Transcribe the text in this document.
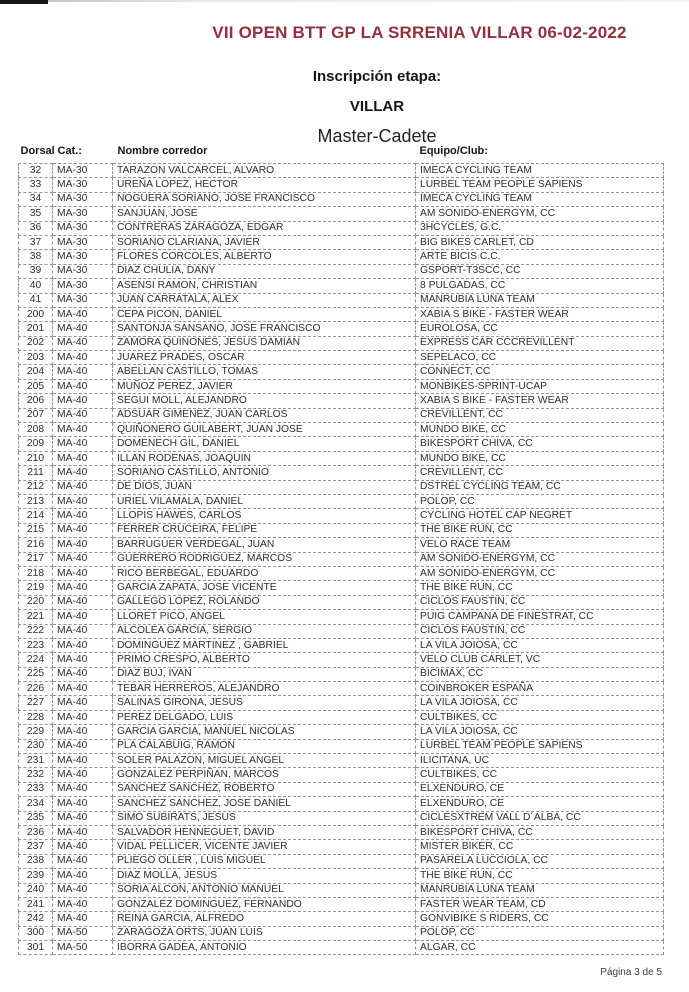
VII OPEN BTT GP LA SRRENIA VILLAR 06-02-2022
Inscripción etapa:
VILLAR
Master-Cadete
Dorsal	Cat.:	Nombre corredor	Equipo/Club:
32	MA-30	TARAZON VALCARCEL, ALVARO	IMECA CYCLING TEAM
33	MA-30	UREÑA LOPEZ, HECTOR	LURBEL TEAM PEOPLE SAPIENS
34	MA-30	NOGUERA SORIANO, JOSE FRANCISCO	IMECA CYCLING TEAM
35	MA-30	SANJUAN, JOSE	AM SONIDO-ENERGYM, CC
36	MA-30	CONTRERAS ZARAGOZA, EDGAR	3HCYCLES, G.C.
37	MA-30	SORIANO CLARIANA, JAVIER	BIG BIKES CARLET, CD
38	MA-30	FLORES CORCOLES, ALBERTO	ARTE BICIS C.C.
39	MA-30	DIAZ CHULIA, DANY	GSPORT-T3SCC, CC
40	MA-30	ASENSI RAMON, CHRISTIAN	8 PULGADAS, CC
41	MA-30	JUAN CARRATALA, ALEX	MANRUBIA LUNA TEAM
200	MA-40	CEPA PICON, DANIEL	XABIA S BIKE - FASTER WEAR
201	MA-40	SANTONJA SANSANO, JOSE FRANCISCO	EUROLOSA, CC
202	MA-40	ZAMORA QUIÑONES, JESUS DAMIAN	EXPRESS CAR CCCREVILLENT
203	MA-40	JUAREZ PRADES, OSCAR	SEPELACO, CC
204	MA-40	ABELLAN CASTILLO, TOMAS	CONNECT, CC
205	MA-40	MUÑOZ PEREZ, JAVIER	MONBIKES-SPRINT-UCAP
206	MA-40	SEGUI MOLL, ALEJANDRO	XABIA S BIKE - FASTER WEAR
207	MA-40	ADSUAR GIMENEZ, JUAN CARLOS	CREVILLENT, CC
208	MA-40	QUIÑONERO GUILABERT, JUAN JOSE	MUNDO BIKE, CC
209	MA-40	DOMENECH GIL, DANIEL	BIKESPORT CHIVA, CC
210	MA-40	ILLAN RODENAS, JOAQUIN	MUNDO BIKE, CC
211	MA-40	SORIANO CASTILLO, ANTONIO	CREVILLENT, CC
212	MA-40	DE DIOS, JUAN	DSTREL CYCLING TEAM, CC
213	MA-40	URIEL VILAMALA, DANIEL	POLOP, CC
214	MA-40	LLOPIS HAWES, CARLOS	CYCLING HOTEL CAP NEGRET
215	MA-40	FERRER CRUCEIRA, FELIPE	THE BIKE RUN, CC
216	MA-40	BARRUGUER VERDEGAL, JUAN	VELO RACE TEAM
217	MA-40	GUERRERO RODRIGUEZ, MARCOS	AM SONIDO-ENERGYM, CC
218	MA-40	RICO BERBEGAL, EDUARDO	AM SONIDO-ENERGYM, CC
219	MA-40	GARCIA ZAPATA, JOSE VICENTE	THE BIKE RUN, CC
220	MA-40	GALLEGO LOPEZ, ROLANDO	CICLOS FAUSTIN, CC
221	MA-40	LLORET PICO, ANGEL	PUIG CAMPANA DE FINESTRAT, CC
222	MA-40	ALCOLEA GARCIA, SERGIO	CICLOS FAUSTIN, CC
223	MA-40	DOMINGUEZ MARTINEZ , GABRIEL	LA VILA JOIOSA, CC
224	MA-40	PRIMO CRESPO, ALBERTO	VELO CLUB CARLET, VC
225	MA-40	DIAZ BUJ, IVAN	BICIMAX, CC
226	MA-40	TEBAR HERREROS, ALEJANDRO	COINBROKER ESPAÑA
227	MA-40	SALINAS GIRONA, JESUS	LA VILA JOIOSA, CC
228	MA-40	PEREZ DELGADO, LUIS	CULTBIKES, CC
229	MA-40	GARCIA GARCIA, MANUEL NICOLAS	LA VILA JOIOSA, CC
230	MA-40	PLA CALABUIG, RAMON	LURBEL TEAM PEOPLE SAPIENS
231	MA-40	SOLER PALAZON, MIGUEL ANGEL	ILICITANA, UC
232	MA-40	GONZALEZ PERPIÑAN, MARCOS	CULTBIKES, CC
233	MA-40	SANCHEZ SANCHEZ, ROBERTO	ELXENDURO, CE
234	MA-40	SANCHEZ SANCHEZ, JOSE DANIEL	ELXENDURO, CE
235	MA-40	SIMO SUBIRATS, JESUS	CICLESXTREM VALL D´ALBA, CC
236	MA-40	SALVADOR HENNEGUET, DAVID	BIKESPORT CHIVA, CC
237	MA-40	VIDAL PELLICER, VICENTE JAVIER	MISTER BIKER, CC
238	MA-40	PLIEGO OLLER , LUIS MIGUEL	PASARELA LUCCIOLA, CC
239	MA-40	DIAZ MOLLA, JESUS	THE BIKE RUN, CC
240	MA-40	SORIA ALCON, ANTONIO MANUEL	MANRUBIA LUNA TEAM
241	MA-40	GONZALEZ DOMINGUEZ, FERNANDO	FASTER WEAR TEAM, CD
242	MA-40	REINA GARCIA, ALFREDO	GONVIBIKE S RIDERS, CC
300	MA-50	ZARAGOZA ORTS, JUAN LUIS	POLOP, CC
301	MA-50	IBORRA GADEA, ANTONIO	ALGAR, CC
Página 3 de 5
